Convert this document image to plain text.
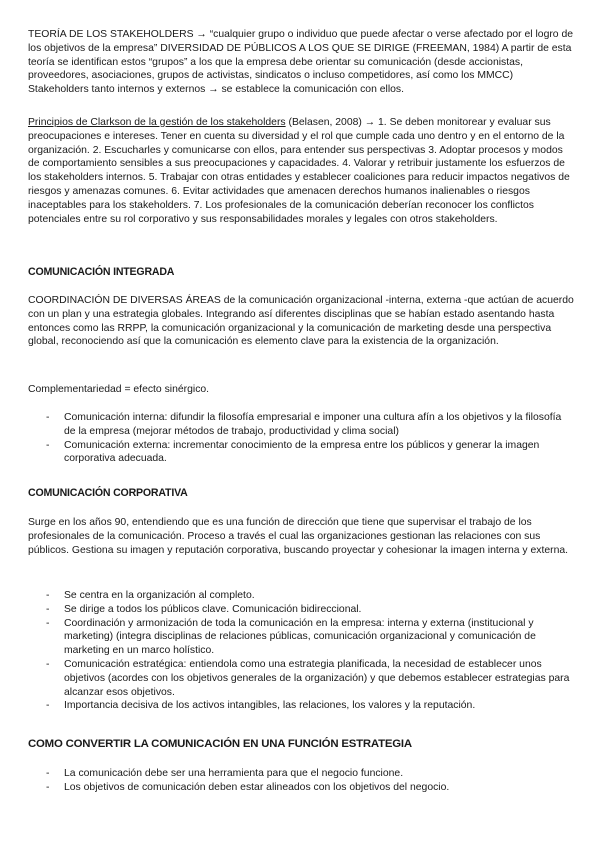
TEORÍA DE LOS STAKEHOLDERS → “cualquier grupo o individuo que puede afectar o verse afectado por el logro de los objetivos de la empresa” DIVERSIDAD DE PÚBLICOS A LOS QUE SE DIRIGE (FREEMAN, 1984) A partir de esta teoría se identifican estos “grupos” a los que la empresa debe orientar su comunicación (desde accionistas, proveedores, asociaciones, grupos de activistas, sindicatos o incluso competidores, así como los MMCC) Stakeholders tanto internos y externos → se establece la comunicación con ellos.

Principios de Clarkson de la gestión de los stakeholders (Belasen, 2008) → 1. Se deben monitorear y evaluar sus preocupaciones e intereses. Tener en cuenta su diversidad y el rol que cumple cada uno dentro y en el entorno de la organización. 2. Escucharles y comunicarse con ellos, para entender sus perspectivas 3. Adoptar procesos y modos de comportamiento sensibles a sus preocupaciones y capacidades. 4. Valorar y retribuir justamente los esfuerzos de los stakeholders internos. 5. Trabajar con otras entidades y establecer coaliciones para reducir impactos negativos de riesgos y amenazas comunes. 6. Evitar actividades que amenacen derechos humanos inalienables o riesgos inaceptables para los stakeholders. 7. Los profesionales de la comunicación deberían reconocer los conflictos potenciales entre su rol corporativo y sus responsabilidades morales y legales con otros stakeholders.

COMUNICACIÓN INTEGRADA

COORDINACIÓN DE DIVERSAS ÁREAS de la comunicación organizacional -interna, externa -que actúan de acuerdo con un plan y una estrategia globales. Integrando así diferentes disciplinas que se habían estado asentando hasta entonces como las RRPP, la comunicación organizacional y la comunicación de marketing desde una perspectiva global, reconociendo así que la comunicación es elemento clave para la existencia de la organización.

Complementariedad = efecto sinérgico.

- Comunicación interna: difundir la filosofía empresarial e imponer una cultura afín a los objetivos y la filosofía de la empresa (mejorar métodos de trabajo, productividad y clima social)
- Comunicación externa: incrementar conocimiento de la empresa entre los públicos y generar la imagen corporativa adecuada.
COMUNICACIÓN CORPORATIVA

Surge en los años 90, entendiendo que es una función de dirección que tiene que supervisar el trabajo de los profesionales de la comunicación. Proceso a través el cual las organizaciones gestionan las relaciones con sus públicos. Gestiona su imagen y reputación corporativa, buscando proyectar y cohesionar la imagen interna y externa.

- Se centra en la organización al completo.
- Se dirige a todos los públicos clave. Comunicación bidireccional.
- Coordinación y armonización de toda la comunicación en la empresa: interna y externa (institucional y marketing) (integra disciplinas de relaciones públicas, comunicación organizacional y comunicación de marketing en un marco holístico.
- Comunicación estratégica: entiendola como una estrategia planificada, la necesidad de establecer unos objetivos (acordes con los objetivos generales de la organización) y que debemos establecer estrategias para alcanzar esos objetivos.
- Importancia decisiva de los activos intangibles, las relaciones, los valores y la reputación.
COMO CONVERTIR LA COMUNICACIÓN EN UNA FUNCIÓN ESTRATEGIA
- La comunicación debe ser una herramienta para que el negocio funcione.
- Los objetivos de comunicación deben estar alineados con los objetivos del negocio.
